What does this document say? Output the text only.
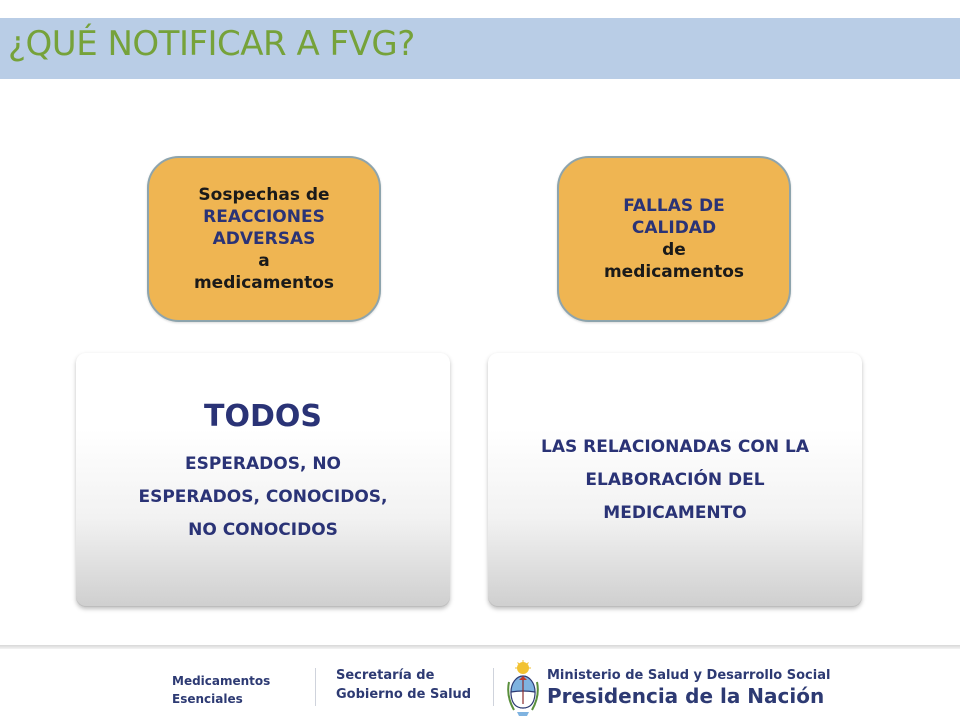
¿QUÉ NOTIFICAR A FVG?
Sospechas de
REACCIONES
ADVERSAS
a
medicamentos
FALLAS DE
CALIDAD
de
medicamentos
TODOS
ESPERADOS, NO
ESPERADOS, CONOCIDOS,
NO CONOCIDOS
LAS RELACIONADAS CON LA
ELABORACIÓN DEL
MEDICAMENTO
Medicamentos
Esenciales
Secretaría de
Gobierno de Salud
Ministerio de Salud y Desarrollo Social
Presidencia de la Nación
